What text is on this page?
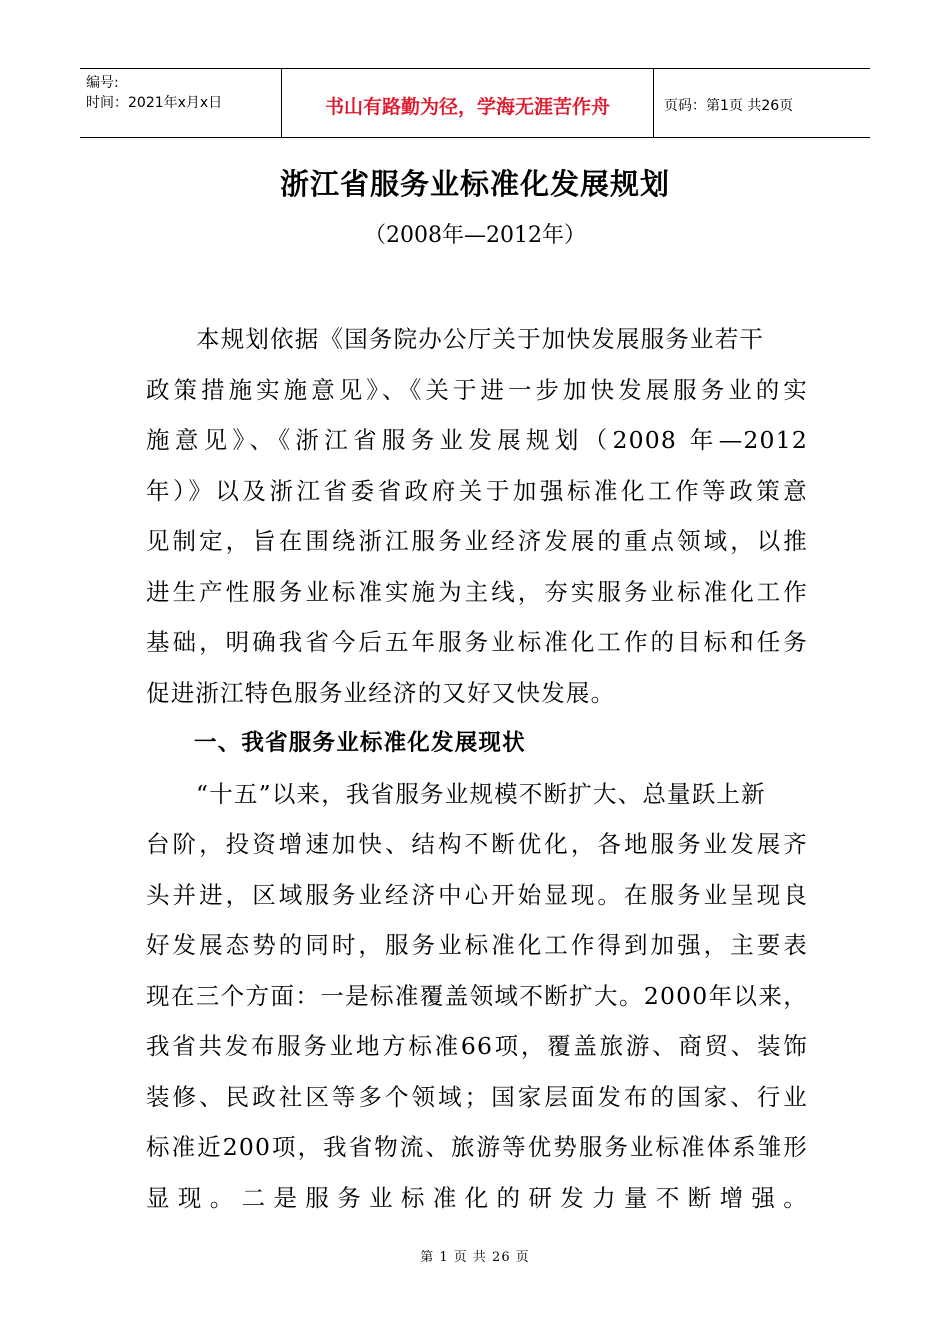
编号:
时间：2021年x月x日	书山有路勤为径，学海无涯苦作舟	页码：第1页 共26页
浙江省服务业标准化发展规划
（2008年—2012年）
本规划依据《国务院办公厅关于加快发展服务业若干
政策措施实施意见》、《关于进一步加快发展服务业的实
施意见》、《浙江省服务业发展规划（2008 年—2012
年）》以及浙江省委省政府关于加强标准化工作等政策意
见制定，旨在围绕浙江服务业经济发展的重点领域，以推
进生产性服务业标准实施为主线，夯实服务业标准化工作
基础，明确我省今后五年服务业标准化工作的目标和任务
促进浙江特色服务业经济的又好又快发展。
一、我省服务业标准化发展现状
“十五”以来，我省服务业规模不断扩大、总量跃上新
台阶，投资增速加快、结构不断优化，各地服务业发展齐
头并进，区域服务业经济中心开始显现。在服务业呈现良
好发展态势的同时，服务业标准化工作得到加强，主要表
现在三个方面：一是标准覆盖领域不断扩大。2000年以来，
我省共发布服务业地方标准66项，覆盖旅游、商贸、装饰
装修、民政社区等多个领域；国家层面发布的国家、行业
标准近200项，我省物流、旅游等优势服务业标准体系雏形
显现。二是服务业标准化的研发力量不断增强。
第 1 页 共 26 页
